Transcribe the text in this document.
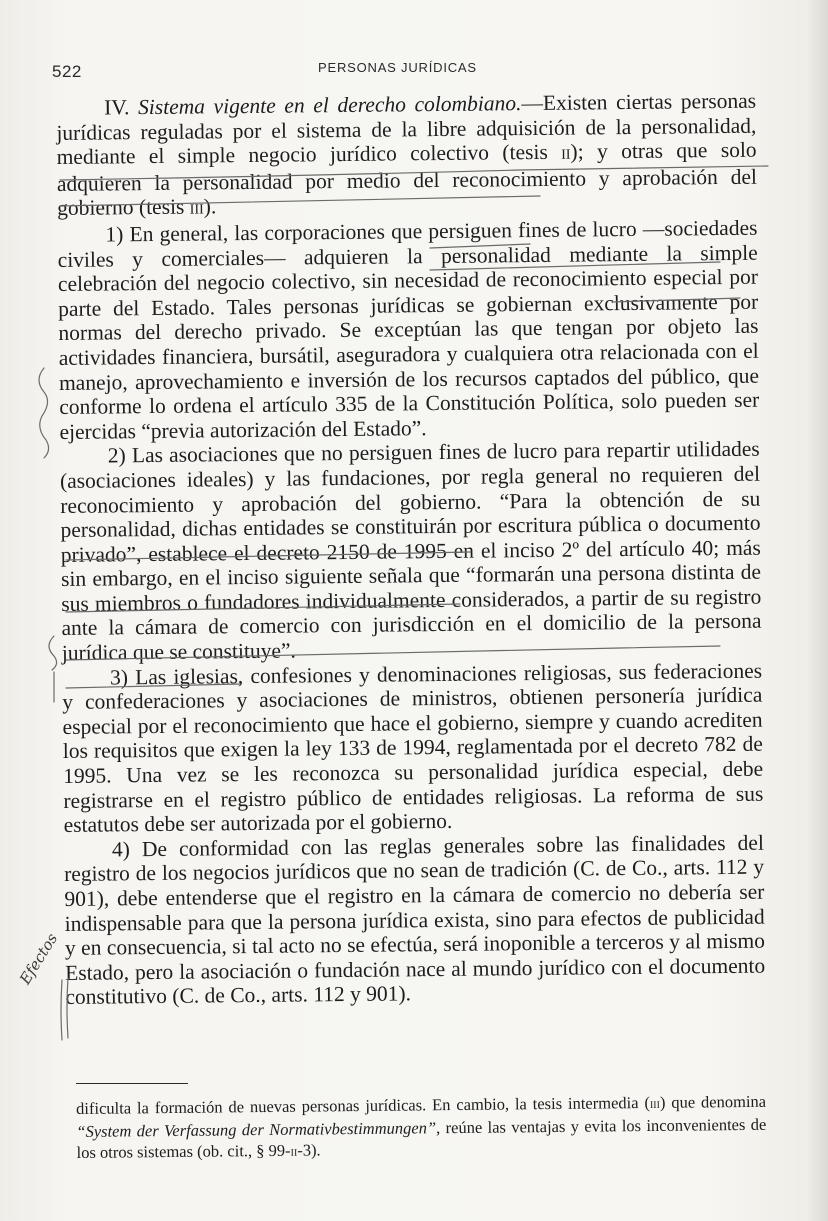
522	PERSONAS JURÍDICAS

IV. Sistema vigente en el derecho colombiano.—Existen ciertas personas jurídicas reguladas por el sistema de la libre adquisición de la personalidad, mediante el simple negocio jurídico colectivo (tesis ii); y otras que solo adquieren la personalidad por medio del reconocimiento y aprobación del gobierno (tesis iii).

1) En general, las corporaciones que persiguen fines de lucro —sociedades civiles y comerciales— adquieren la personalidad mediante la simple celebración del negocio colectivo, sin necesidad de reconocimiento especial por parte del Estado. Tales personas jurídicas se gobiernan exclusivamente por normas del derecho privado. Se exceptúan las que tengan por objeto las actividades financiera, bursátil, aseguradora y cualquiera otra relacionada con el manejo, aprovechamiento e inversión de los recursos captados del público, que conforme lo ordena el artículo 335 de la Constitución Política, solo pueden ser ejercidas “previa autorización del Estado”.

2) Las asociaciones que no persiguen fines de lucro para repartir utilidades (asociaciones ideales) y las fundaciones, por regla general no requieren del reconocimiento y aprobación del gobierno. “Para la obtención de su personalidad, dichas entidades se constituirán por escritura pública o documento privado”, establece el decreto 2150 de 1995 en el inciso 2º del artículo 40; más sin embargo, en el inciso siguiente señala que “formarán una persona distinta de sus miembros o fundadores individualmente considerados, a partir de su registro ante la cámara de comercio con jurisdicción en el domicilio de la persona jurídica que se constituye”.

3) Las iglesias, confesiones y denominaciones religiosas, sus federaciones y confederaciones y asociaciones de ministros, obtienen personería jurídica especial por el reconocimiento que hace el gobierno, siempre y cuando acrediten los requisitos que exigen la ley 133 de 1994, reglamentada por el decreto 782 de 1995. Una vez se les reconozca su personalidad jurídica especial, debe registrarse en el registro público de entidades religiosas. La reforma de sus estatutos debe ser autorizada por el gobierno.

4) De conformidad con las reglas generales sobre las finalidades del registro de los negocios jurídicos que no sean de tradición (C. de Co., arts. 112 y 901), debe entenderse que el registro en la cámara de comercio no debería ser indispensable para que la persona jurídica exista, sino para efectos de publicidad y en consecuencia, si tal acto no se efectúa, será inoponible a terceros y al mismo Estado, pero la asociación o fundación nace al mundo jurídico con el documento constitutivo (C. de Co., arts. 112 y 901).

dificulta la formación de nuevas personas jurídicas. En cambio, la tesis intermedia (iii) que denomina “System der Verfassung der Normativbestimmungen”, reúne las ventajas y evita los inconvenientes de los otros sistemas (ob. cit., § 99-ii-3).

Efectos
